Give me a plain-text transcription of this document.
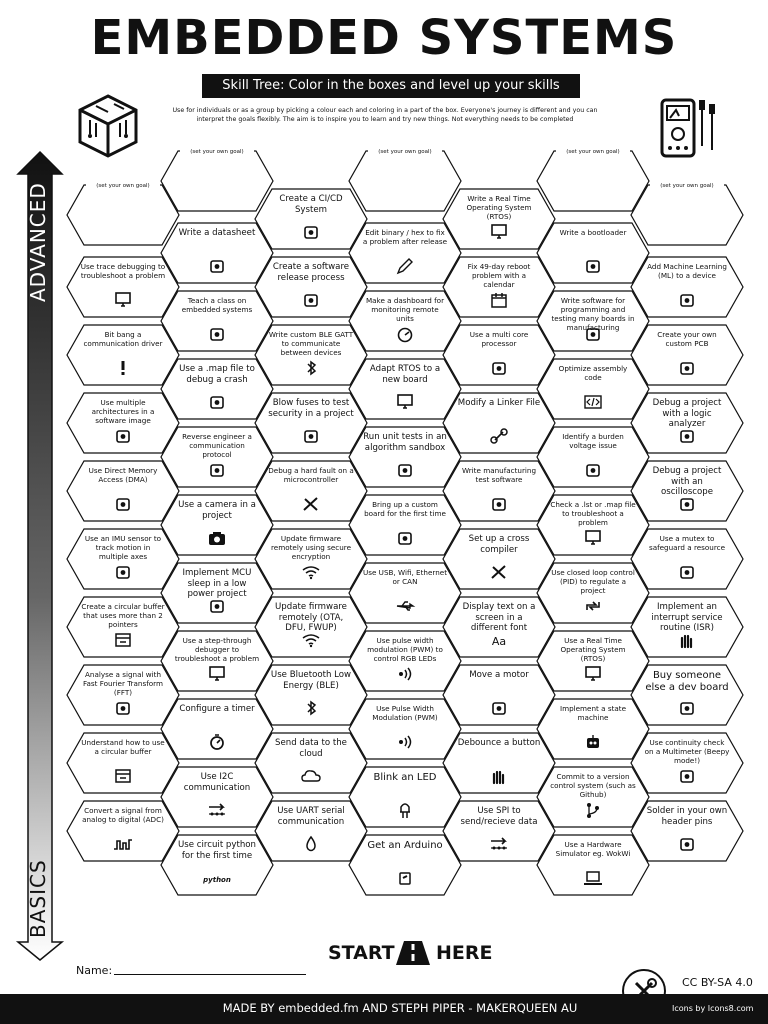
EMBEDDED SYSTEMS
Skill Tree: Color in the boxes and level up your skills
Use for individuals or as a group by picking a colour each and coloring in a part of the box. Everyone's journey is different and you can interpret the goals flexibly. The aim is to inspire you to learn and try new things. Not everything needs to be completed
ADVANCED
BASICS
(set your own goal)	(set your own goal)	(set your own goal)
(set your own goal)	(set your own goal)
Create a CI/CD System
Write a Real Time Operating System (RTOS)
Write a datasheet	Edit binary / hex to fix a problem after release
Write a bootloader
Use trace debugging to troubleshoot a problem
Create a software release process
Fix 49-day reboot problem with a calendar
Add Machine Learning (ML) to a device
Teach a class on embedded systems
Make a dashboard for monitoring remote units
Write software for programming and testing many boards in manufacturing
Bit bang a communication driver
Write custom BLE GATT to communicate between devices
Use a multi core processor
Create your own custom PCB
Use a .map file to debug a crash
Adapt RTOS to a new board
Optimize assembly code
Use multiple architectures in a software image
Blow fuses to test security in a project
Modify a Linker File	Debug a project with a logic analyzer
Reverse engineer a communication protocol
Run unit tests in an algorithm sandbox
Identify a burden voltage issue
Use Direct Memory Access (DMA)
Debug a hard fault on a microcontroller
Write manufacturing test software
Debug a project with an oscilloscope
Use a camera in a project
Bring up a custom board for the first time
Check a .lst or .map file to troubleshoot a problem
Use an IMU sensor to track motion in multiple axes
Update firmware remotely using secure encryption
Set up a cross compiler
Use a mutex to safeguard a resource
Implement MCU sleep in a low power project
Use USB, Wifi, Ethernet or CAN
Use closed loop control (PID) to regulate a project
Create a circular buffer that uses more than 2 pointers
Update firmware remotely (OTA, DFU, FWUP)
Display text on a screen in a different font
Aa
Implement an interrupt service routine (ISR)
Use a step-through debugger to troubleshoot a problem
Use pulse width modulation (PWM) to control RGB LEDs
Use a Real Time Operating System (RTOS)
Analyse a signal with Fast Fourier Transform (FFT)
Use Bluetooth Low Energy (BLE)
Move a motor	Buy someone else a dev board
Configure a timer	Use Pulse Width Modulation (PWM)
Implement a state machine
Understand how to use a circular buffer
Send data to the cloud
Debounce a button	Use continuity check on a Multimeter (Beepy mode!)
Use I2C communication
Blink an LED	Commit to a version control system (such as Github)
Convert a signal from analog to digital (ADC)
Use UART serial communication
Use SPI to send/recieve data
Solder in your own header pins
Use circuit python for the first time
python
Get an Arduino	Use a Hardware Simulator eg. WokWi
START HERE
Name:
CC BY-SA 4.0
MADE BY embedded.fm AND STEPH PIPER - MAKERQUEEN AU	Icons by Icons8.com
